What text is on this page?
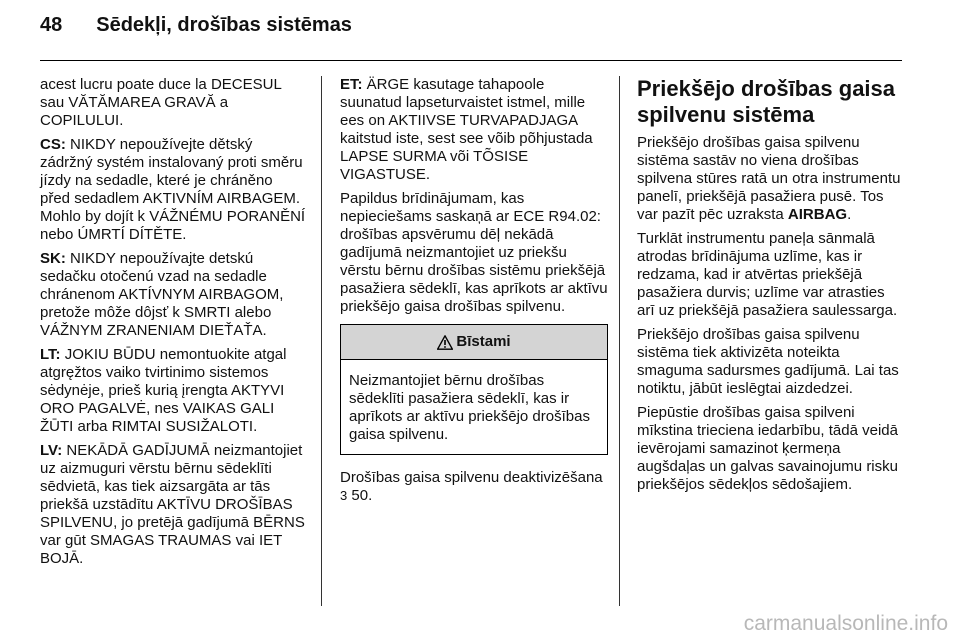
48 Sēdekļi, drošības sistēmas

acest lucru poate duce la DECESUL sau VĂTĂMAREA GRAVĂ a COPILULUI.

CS: NIKDY nepoužívejte dětský zádržný systém instalovaný proti směru jízdy na sedadle, které je chráněno před sedadlem AKTIVNÍM AIRBAGEM. Mohlo by dojít k VÁŽNÉMU PORANĚNÍ nebo ÚMRTÍ DÍTĚTE.

SK: NIKDY nepoužívajte detskú sedačku otočenú vzad na sedadle chránenom AKTÍVNYM AIRBAGOM, pretože môže dôjsť k SMRTI alebo VÁŽNYM ZRANENIAM DIEŤAŤA.

LT: JOKIU BŪDU nemontuokite atgal atgręžtos vaiko tvirtinimo sistemos sėdynėje, prieš kurią įrengta AKTYVI ORO PAGALVĖ, nes VAIKAS GALI ŽŪTI arba RIMTAI SUSIŽALOTI.

LV: NEKĀDĀ GADĪJUMĀ neizmantojiet uz aizmuguri vērstu bērnu sēdeklīti sēdvietā, kas tiek aizsargāta ar tās priekšā uzstādītu AKTĪVU DROŠĪBAS SPILVENU, jo pretējā gadījumā BĒRNS var gūt SMAGAS TRAUMAS vai IET BOJĀ.

ET: ÄRGE kasutage tahapoole suunatud lapseturvaistet istmel, mille ees on AKTIIVSE TURVAPADJAGA kaitstud iste, sest see võib põhjustada LAPSE SURMA või TÕSISE VIGASTUSE.

Papildus brīdinājumam, kas nepieciešams saskaņā ar ECE R94.02: drošības apsvērumu dēļ nekādā gadījumā neizmantojiet uz priekšu vērstu bērnu drošības sistēmu priekšējā pasažiera sēdeklī, kas aprīkots ar aktīvu priekšējo gaisa drošības spilvenu.

Bīstami
Neizmantojiet bērnu drošības sēdeklīti pasažiera sēdeklī, kas ir aprīkots ar aktīvu priekšējo drošības gaisa spilvenu.

Drošības gaisa spilvenu deaktivizēšana 3 50.

Priekšējo drošības gaisa spilvenu sistēma

Priekšējo drošības gaisa spilvenu sistēma sastāv no viena drošības spilvena stūres ratā un otra instrumentu panelī, priekšējā pasažiera pusē. Tos var pazīt pēc uzraksta AIRBAG.

Turklāt instrumentu paneļa sānmalā atrodas brīdinājuma uzlīme, kas ir redzama, kad ir atvērtas priekšējā pasažiera durvis; uzlīme var atrasties arī uz priekšējā pasažiera saulessarga.

Priekšējo drošības gaisa spilvenu sistēma tiek aktivizēta noteikta smaguma sadursmes gadījumā. Lai tas notiktu, jābūt ieslēgtai aizdedzei.

Piepūstie drošības gaisa spilveni mīkstina trieciena iedarbību, tādā veidā ievērojami samazinot ķermeņa augšdaļas un galvas savainojumu risku priekšējos sēdekļos sēdošajiem.

carmanualsonline.info
